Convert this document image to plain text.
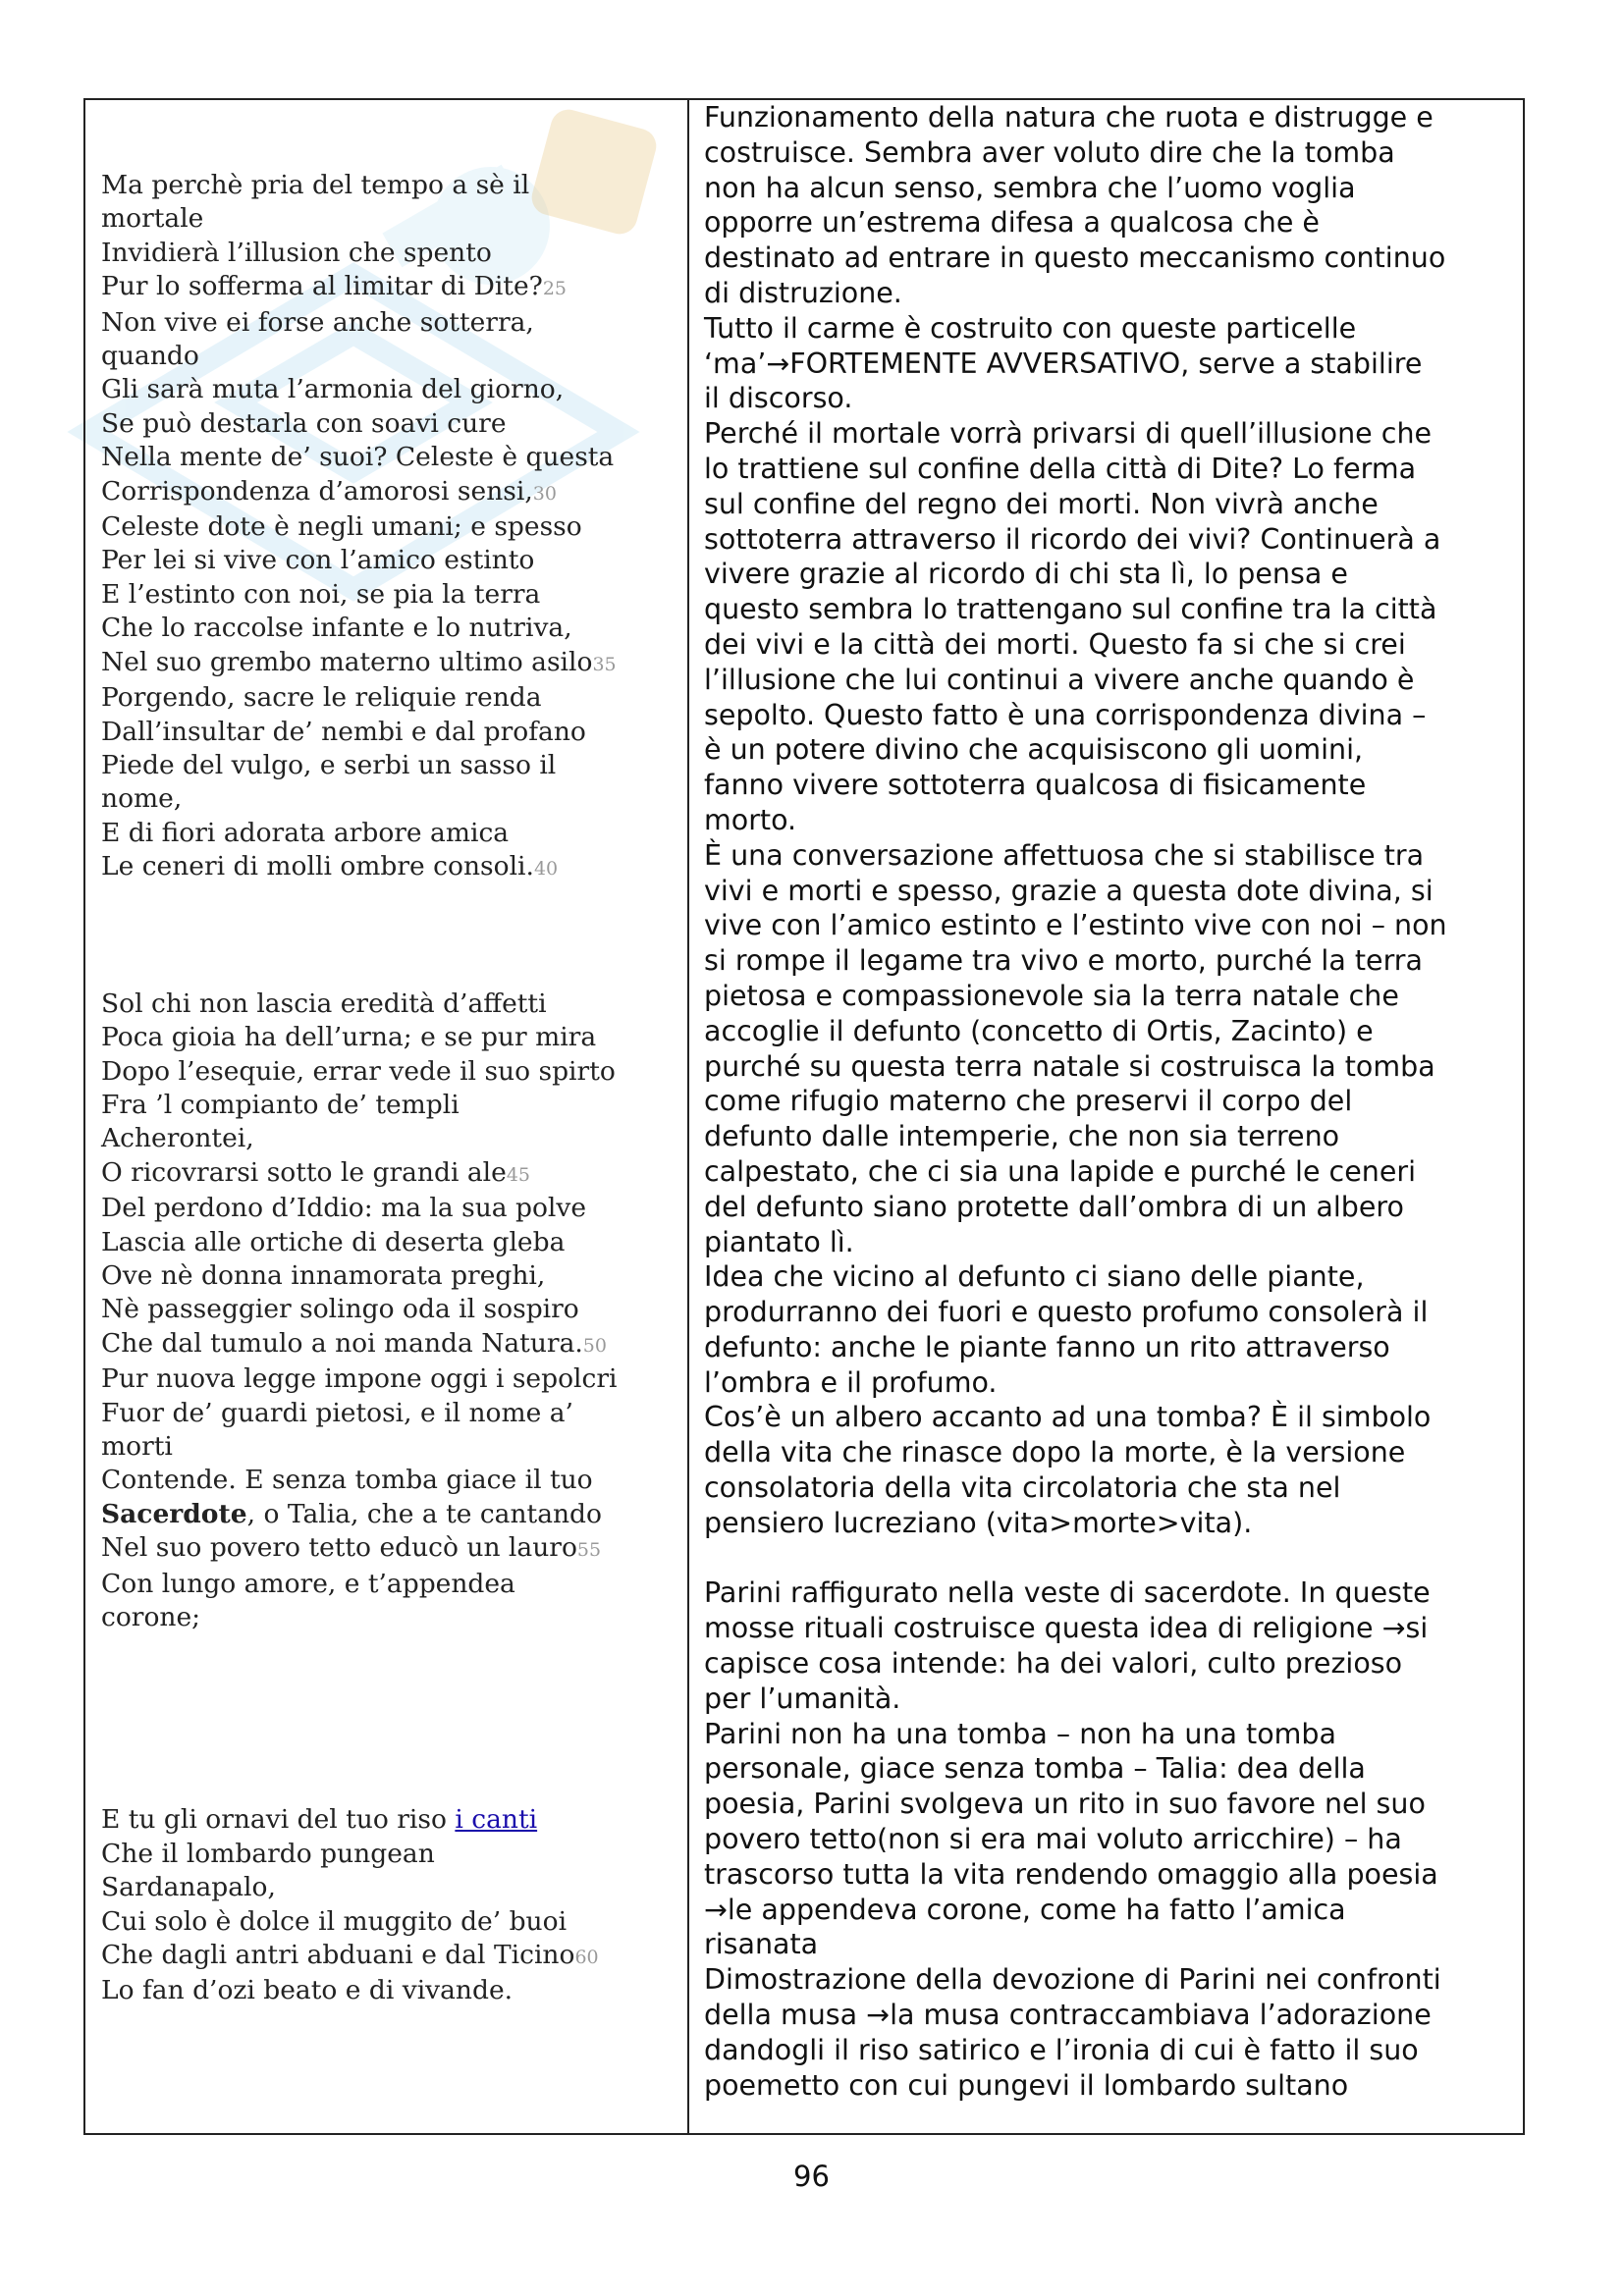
Ma perchè pria del tempo a sè il
mortale
Invidierà l’illusion che spento
Pur lo sofferma al limitar di Dite?25
Non vive ei forse anche sotterra,
quando
Gli sarà muta l’armonia del giorno,
Se può destarla con soavi cure
Nella mente de’ suoi? Celeste è questa
Corrispondenza d’amorosi sensi,30
Celeste dote è negli umani; e spesso
Per lei si vive con l’amico estinto
E l’estinto con noi, se pia la terra
Che lo raccolse infante e lo nutriva,
Nel suo grembo materno ultimo asilo35
Porgendo, sacre le reliquie renda
Dall’insultar de’ nembi e dal profano
Piede del vulgo, e serbi un sasso il
nome,
E di fiori adorata arbore amica
Le ceneri di molli ombre consoli.40
Sol chi non lascia eredità d’affetti
Poca gioia ha dell’urna; e se pur mira
Dopo l’esequie, errar vede il suo spirto
Fra ’l compianto de’ templi
Acherontei,
O ricovrarsi sotto le grandi ale45
Del perdono d’Iddio: ma la sua polve
Lascia alle ortiche di deserta gleba
Ove nè donna innamorata preghi,
Nè passeggier solingo oda il sospiro
Che dal tumulo a noi manda Natura.50
Pur nuova legge impone oggi i sepolcri
Fuor de’ guardi pietosi, e il nome a’
morti
Contende. E senza tomba giace il tuo
Sacerdote, o Talia, che a te cantando
Nel suo povero tetto educò un lauro55
Con lungo amore, e t’appendea
corone;
E tu gli ornavi del tuo riso i canti
Che il lombardo pungean
Sardanapalo,
Cui solo è dolce il muggito de’ buoi
Che dagli antri abduani e dal Ticino60
Lo fan d’ozi beato e di vivande.
Funzionamento della natura che ruota e distrugge e
costruisce. Sembra aver voluto dire che la tomba
non ha alcun senso, sembra che l’uomo voglia
opporre un’estrema difesa a qualcosa che è
destinato ad entrare in questo meccanismo continuo
di distruzione.
Tutto il carme è costruito con queste particelle
‘ma’→FORTEMENTE AVVERSATIVO, serve a stabilire
il discorso.
Perché il mortale vorrà privarsi di quell’illusione che
lo trattiene sul confine della città di Dite? Lo ferma
sul confine del regno dei morti. Non vivrà anche
sottoterra attraverso il ricordo dei vivi? Continuerà a
vivere grazie al ricordo di chi sta lì, lo pensa e
questo sembra lo trattengano sul confine tra la città
dei vivi e la città dei morti. Questo fa si che si crei
l’illusione che lui continui a vivere anche quando è
sepolto. Questo fatto è una corrispondenza divina –
è un potere divino che acquisiscono gli uomini,
fanno vivere sottoterra qualcosa di fisicamente
morto.
È una conversazione affettuosa che si stabilisce tra
vivi e morti e spesso, grazie a questa dote divina, si
vive con l’amico estinto e l’estinto vive con noi – non
si rompe il legame tra vivo e morto, purché la terra
pietosa e compassionevole sia la terra natale che
accoglie il defunto (concetto di Ortis, Zacinto) e
purché su questa terra natale si costruisca la tomba
come rifugio materno che preservi il corpo del
defunto dalle intemperie, che non sia terreno
calpestato, che ci sia una lapide e purché le ceneri
del defunto siano protette dall’ombra di un albero
piantato lì.
Idea che vicino al defunto ci siano delle piante,
produrranno dei fuori e questo profumo consolerà il
defunto: anche le piante fanno un rito attraverso
l’ombra e il profumo.
Cos’è un albero accanto ad una tomba? È il simbolo
della vita che rinasce dopo la morte, è la versione
consolatoria della vita circolatoria che sta nel
pensiero lucreziano (vita>morte>vita).
Parini raffigurato nella veste di sacerdote. In queste
mosse rituali costruisce questa idea di religione →si
capisce cosa intende: ha dei valori, culto prezioso
per l’umanità.
Parini non ha una tomba – non ha una tomba
personale, giace senza tomba – Talia: dea della
poesia, Parini svolgeva un rito in suo favore nel suo
povero tetto(non si era mai voluto arricchire) – ha
trascorso tutta la vita rendendo omaggio alla poesia
→le appendeva corone, come ha fatto l’amica
risanata
Dimostrazione della devozione di Parini nei confronti
della musa →la musa contraccambiava l’adorazione
dandogli il riso satirico e l’ironia di cui è fatto il suo
poemetto con cui pungevi il lombardo sultano
96
